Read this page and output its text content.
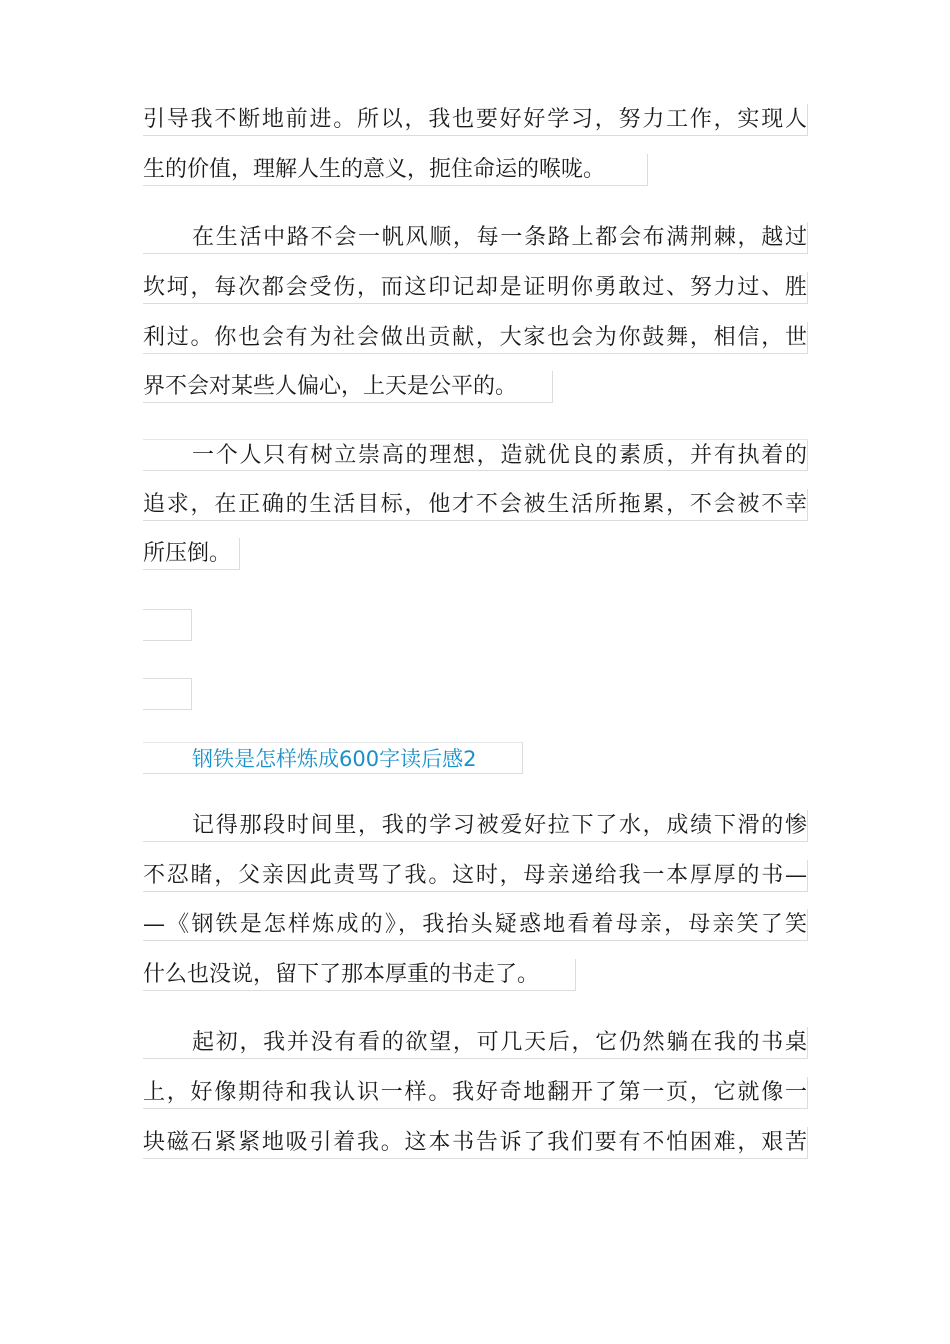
引导我不断地前进。所以，我也要好好学习，努力工作，实现人
生的价值，理解人生的意义，扼住命运的喉咙。
在生活中路不会一帆风顺，每一条路上都会布满荆棘，越过
坎坷，每次都会受伤，而这印记却是证明你勇敢过、努力过、胜
利过。你也会有为社会做出贡献，大家也会为你鼓舞，相信，世
界不会对某些人偏心，上天是公平的。
一个人只有树立崇高的理想，造就优良的素质，并有执着的
追求，在正确的生活目标，他才不会被生活所拖累，不会被不幸
所压倒。
钢铁是怎样炼成600字读后感2
记得那段时间里，我的学习被爱好拉下了水，成绩下滑的惨
不忍睹，父亲因此责骂了我。这时，母亲递给我一本厚厚的书—
—《钢铁是怎样炼成的》，我抬头疑惑地看着母亲，母亲笑了笑
什么也没说，留下了那本厚重的书走了。
起初，我并没有看的欲望，可几天后，它仍然躺在我的书桌
上，好像期待和我认识一样。我好奇地翻开了第一页，它就像一
块磁石紧紧地吸引着我。这本书告诉了我们要有不怕困难，艰苦
